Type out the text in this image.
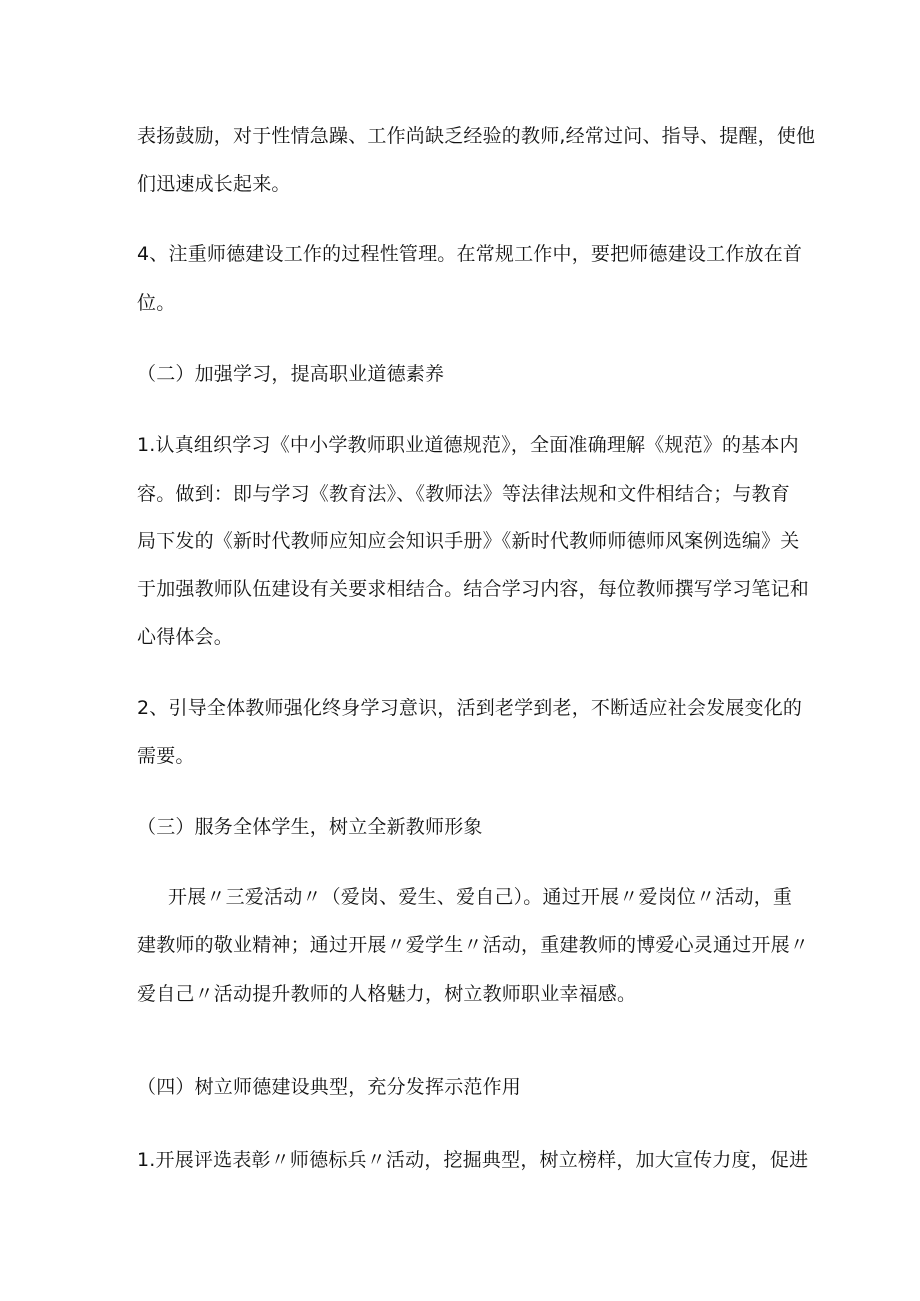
表扬鼓励，对于性情急躁、工作尚缺乏经验的教师,经常过问、指导、提醒，使他
们迅速成长起来。
4、注重师德建设工作的过程性管理。在常规工作中，要把师德建设工作放在首
位。
（二）加强学习，提高职业道德素养
1.认真组织学习《中小学教师职业道德规范》，全面准确理解《规范》的基本内
容。做到：即与学习《教育法》、《教师法》等法律法规和文件相结合；与教育
局下发的《新时代教师应知应会知识手册》《新时代教师师德师风案例选编》关
于加强教师队伍建设有关要求相结合。结合学习内容，每位教师撰写学习笔记和
心得体会。
2、引导全体教师强化终身学习意识，活到老学到老，不断适应社会发展变化的
需要。
（三）服务全体学生，树立全新教师形象
开展〃三爱活动〃（爱岗、爱生、爱自己）。通过开展〃爱岗位〃活动，重
建教师的敬业精神；通过开展〃爱学生〃活动，重建教师的博爱心灵通过开展〃
爱自己〃活动提升教师的人格魅力，树立教师职业幸福感。
（四）树立师德建设典型，充分发挥示范作用
1.开展评选表彰〃师德标兵〃活动，挖掘典型，树立榜样，加大宣传力度，促进
